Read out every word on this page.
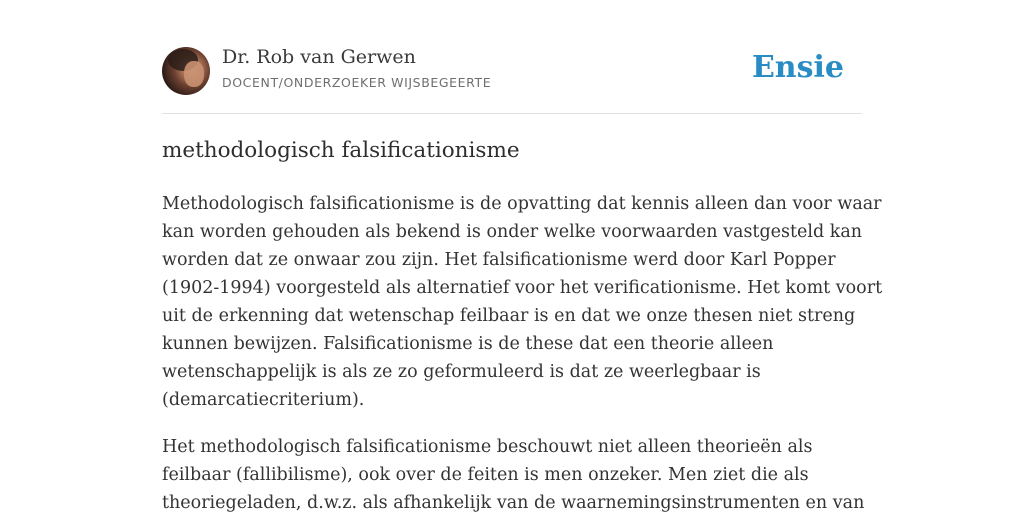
Dr. Rob van Gerwen
DOCENT/ONDERZOEKER WIJSBEGEERTE	Ensie
methodologisch falsificationisme

Methodologisch falsificationisme is de opvatting dat kennis alleen dan voor waar
kan worden gehouden als bekend is onder welke voorwaarden vastgesteld kan
worden dat ze onwaar zou zijn. Het falsificationisme werd door Karl Popper
(1902-1994) voorgesteld als alternatief voor het verificationisme. Het komt voort
uit de erkenning dat wetenschap feilbaar is en dat we onze thesen niet streng
kunnen bewijzen. Falsificationisme is de these dat een theorie alleen
wetenschappelijk is als ze zo geformuleerd is dat ze weerlegbaar is
(demarcatiecriterium).

Het methodologisch falsificationisme beschouwt niet alleen theorieën als
feilbaar (fallibilisme), ook over de feiten is men onzeker. Men ziet die als
theoriegeladen, d.w.z. als afhankelijk van de waarnemingsinstrumenten en van
